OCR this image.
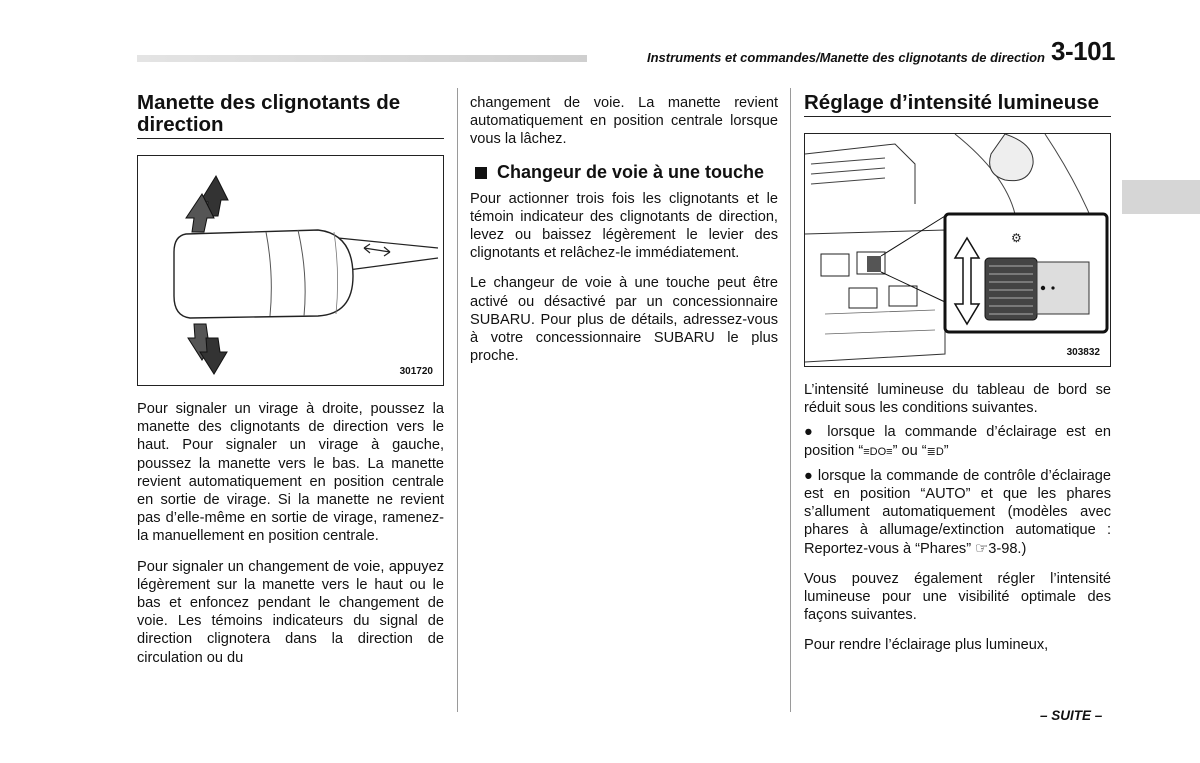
Instruments et commandes/Manette des clignotants de direction 3-101
Manette des clignotants de direction
301720

Pour signaler un virage à droite, poussez la manette des clignotants de direction vers le haut. Pour signaler un virage à gauche, poussez la manette vers le bas. La manette revient automatiquement en position centrale en sortie de virage. Si la manette ne revient pas d’elle-même en sortie de virage, ramenez-la manuellement en position centrale.

Pour signaler un changement de voie, appuyez légèrement sur la manette vers le haut ou le bas et enfoncez pendant le changement de voie. Les témoins indicateurs du signal de direction clignotera dans la direction de circulation ou du

changement de voie. La manette revient automatiquement en position centrale lorsque vous la lâchez.

Changeur de voie à une touche

Pour actionner trois fois les clignotants et le témoin indicateur des clignotants de direction, levez ou baissez légèrement le levier des clignotants et relâchez-le immédiatement.

Le changeur de voie à une touche peut être activé ou désactivé par un concessionnaire SUBARU. Pour plus de détails, adressez-vous à votre concessionnaire SUBARU le plus proche.

Réglage d’intensité lumineuse
⚙
303832

L’intensité lumineuse du tableau de bord se réduit sous les conditions suivantes.

● lorsque la commande d’éclairage est en position “≡DO≡” ou “≣D”

● lorsque la commande de contrôle d’éclairage est en position “AUTO” et que les phares s’allument automatiquement (modèles avec phares à allumage/extinction automatique : Reportez-vous à “Phares” ☞3-98.)

Vous pouvez également régler l’intensité lumineuse pour une visibilité optimale des façons suivantes.

Pour rendre l’éclairage plus lumineux,

– SUITE –
